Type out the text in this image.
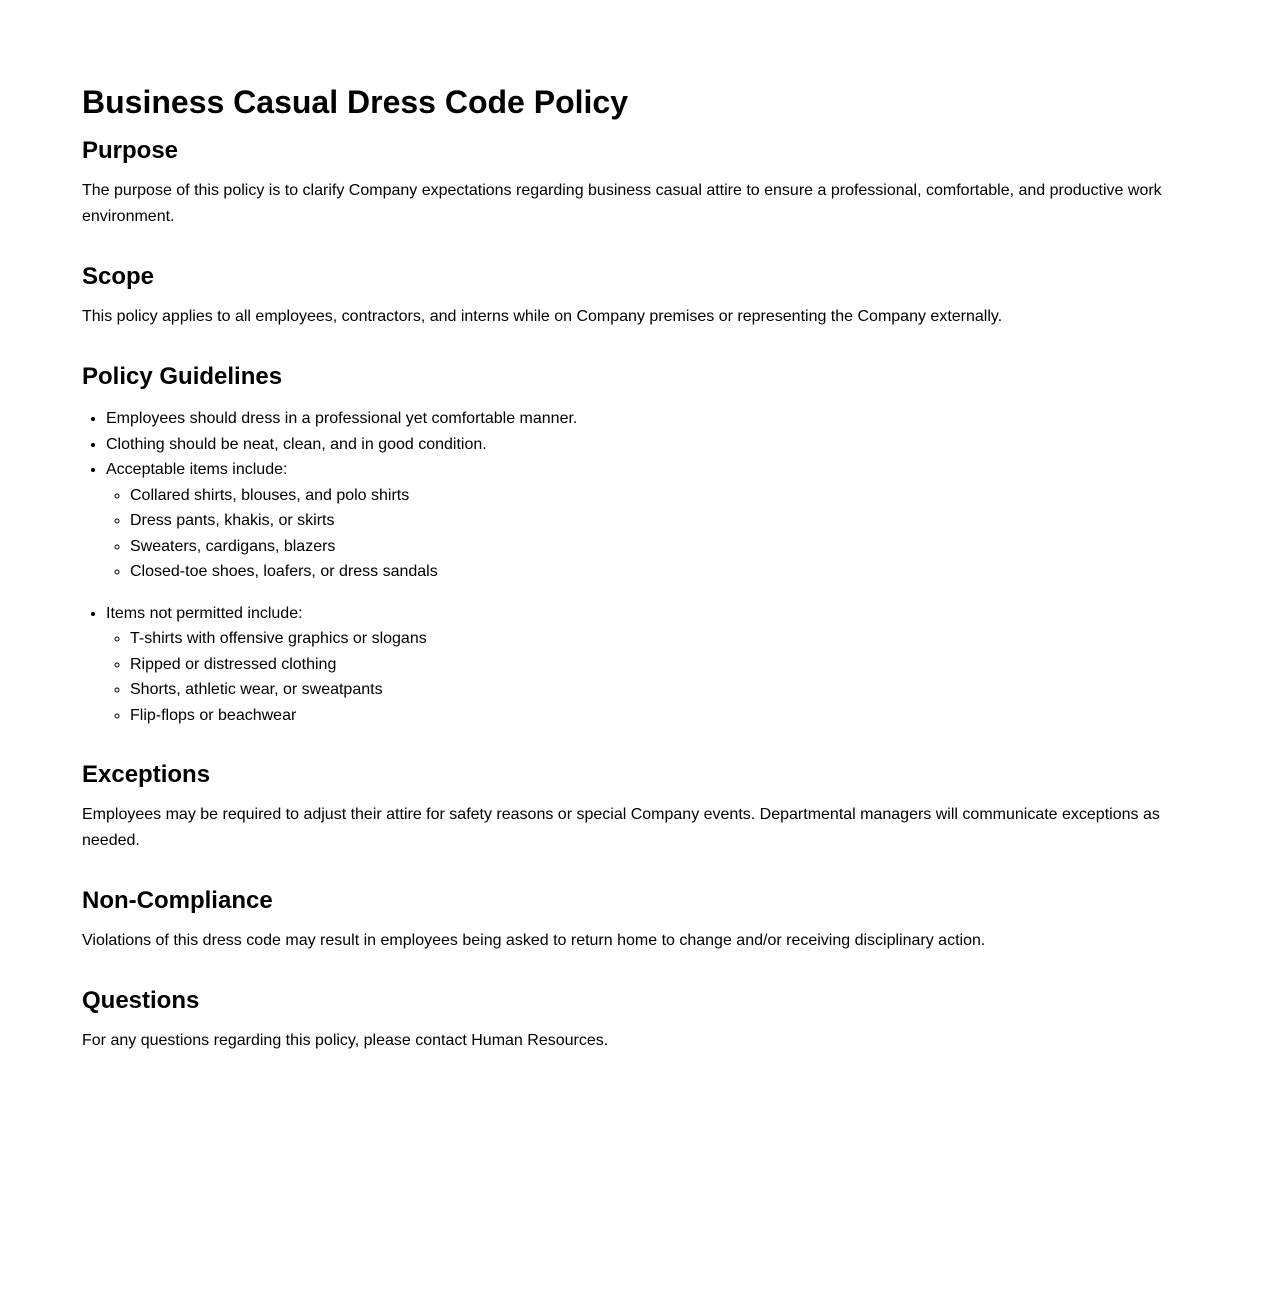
Business Casual Dress Code Policy
Purpose

The purpose of this policy is to clarify Company expectations regarding business casual attire to ensure a professional, comfortable, and productive work environment.

Scope

This policy applies to all employees, contractors, and interns while on Company premises or representing the Company externally.

Policy Guidelines
• Employees should dress in a professional yet comfortable manner.
• Clothing should be neat, clean, and in good condition.
• Acceptable items include:
◦ Collared shirts, blouses, and polo shirts
◦ Dress pants, khakis, or skirts
◦ Sweaters, cardigans, blazers
◦ Closed-toe shoes, loafers, or dress sandals
• Items not permitted include:
◦ T-shirts with offensive graphics or slogans
◦ Ripped or distressed clothing
◦ Shorts, athletic wear, or sweatpants
◦ Flip-flops or beachwear
Exceptions

Employees may be required to adjust their attire for safety reasons or special Company events. Departmental managers will communicate exceptions as needed.

Non-Compliance

Violations of this dress code may result in employees being asked to return home to change and/or receiving disciplinary action.

Questions

For any questions regarding this policy, please contact Human Resources.
